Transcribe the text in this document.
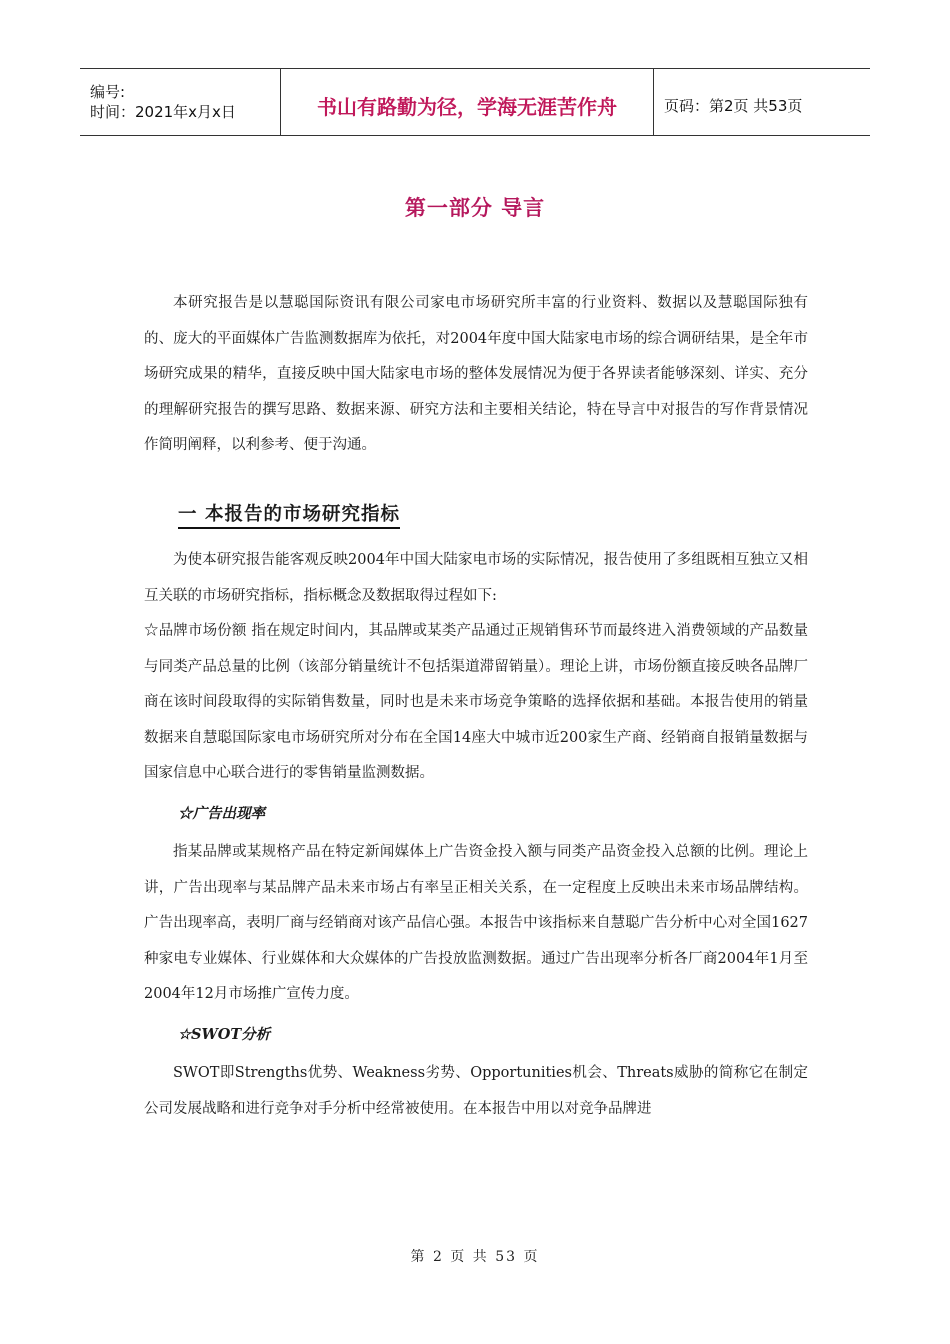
编号:
时间：2021年x月x日	书山有路勤为径，学海无涯苦作舟	页码：第2页 共53页
第一部分 导言

本研究报告是以慧聪国际资讯有限公司家电市场研究所丰富的行业资料、数据以及慧聪国际独有的、庞大的平面媒体广告监测数据库为依托，对2004年度中国大陆家电市场的综合调研结果，是全年市场研究成果的精华，直接反映中国大陆家电市场的整体发展情况为便于各界读者能够深刻、详实、充分的理解研究报告的撰写思路、数据来源、研究方法和主要相关结论，特在导言中对报告的写作背景情况作简明阐释，以利参考、便于沟通。

一 本报告的市场研究指标

为使本研究报告能客观反映2004年中国大陆家电市场的实际情况，报告使用了多组既相互独立又相互关联的市场研究指标，指标概念及数据取得过程如下:

☆品牌市场份额 指在规定时间内，其品牌或某类产品通过正规销售环节而最终进入消费领域的产品数量与同类产品总量的比例（该部分销量统计不包括渠道滞留销量）。理论上讲，市场份额直接反映各品牌厂商在该时间段取得的实际销售数量，同时也是未来市场竞争策略的选择依据和基础。本报告使用的销量数据来自慧聪国际家电市场研究所对分布在全国14座大中城市近200家生产商、经销商自报销量数据与国家信息中心联合进行的零售销量监测数据。

☆广告出现率

指某品牌或某规格产品在特定新闻媒体上广告资金投入额与同类产品资金投入总额的比例。理论上讲，广告出现率与某品牌产品未来市场占有率呈正相关关系，在一定程度上反映出未来市场品牌结构。广告出现率高，表明厂商与经销商对该产品信心强。本报告中该指标来自慧聪广告分析中心对全国1627种家电专业媒体、行业媒体和大众媒体的广告投放监测数据。通过广告出现率分析各厂商2004年1月至2004年12月市场推广宣传力度。

☆SWOT分析

SWOT即Strengths优势、Weakness劣势、Opportunities机会、Threats威胁的简称它在制定公司发展战略和进行竞争对手分析中经常被使用。在本报告中用以对竞争品牌进

第 2 页 共 53 页
